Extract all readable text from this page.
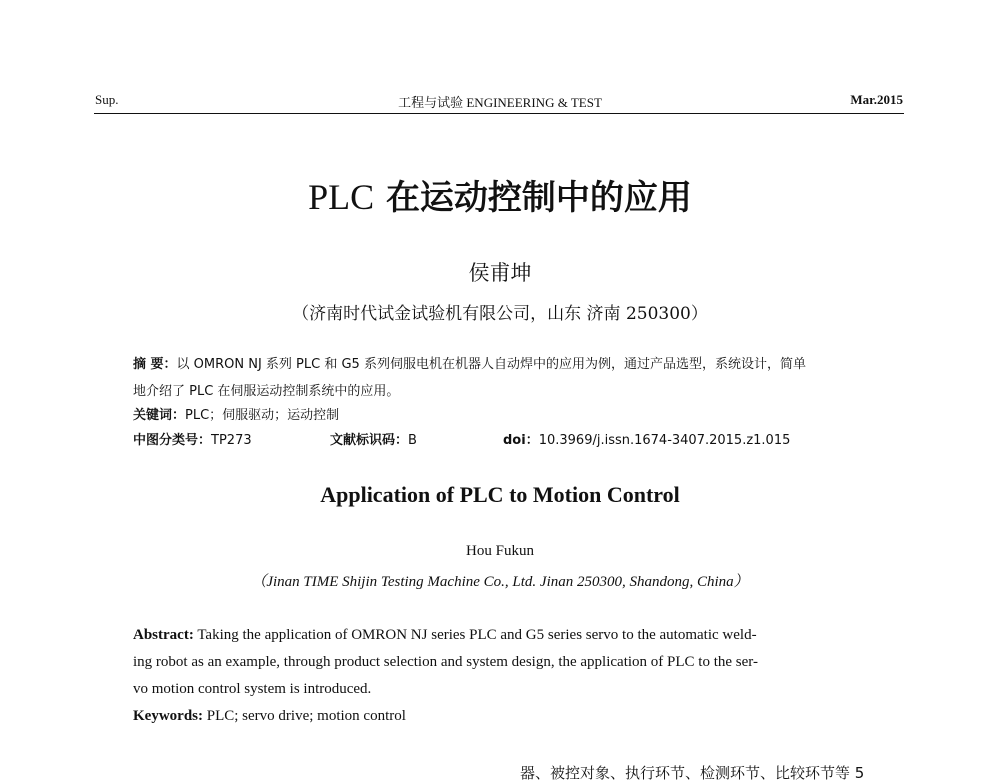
Sup.	工程与试验 ENGINEERING & TEST	Mar.2015
PLC 在运动控制中的应用
侯甫坤
（济南时代试金试验机有限公司，山东 济南 250300）
摘 要：以 OMRON NJ 系列 PLC 和 G5 系列伺服电机在机器人自动焊中的应用为例，通过产品选型，系统设计，简单
地介绍了 PLC 在伺服运动控制系统中的应用。
关键词：PLC；伺服驱动；运动控制
中图分类号：TP273	文献标识码：B	doi：10.3969/j.issn.1674-3407.2015.z1.015
Application of PLC to Motion Control
Hou Fukun
（Jinan TIME Shijin Testing Machine Co., Ltd. Jinan 250300, Shandong, China）
Abstract: Taking the application of OMRON NJ series PLC and G5 series servo to the automatic weld-
ing robot as an example, through product selection and system design, the application of PLC to the ser-
vo motion control system is introduced.
Keywords: PLC; servo drive; motion control
器、被控对象、执行环节、检测环节、比较环节等 5
